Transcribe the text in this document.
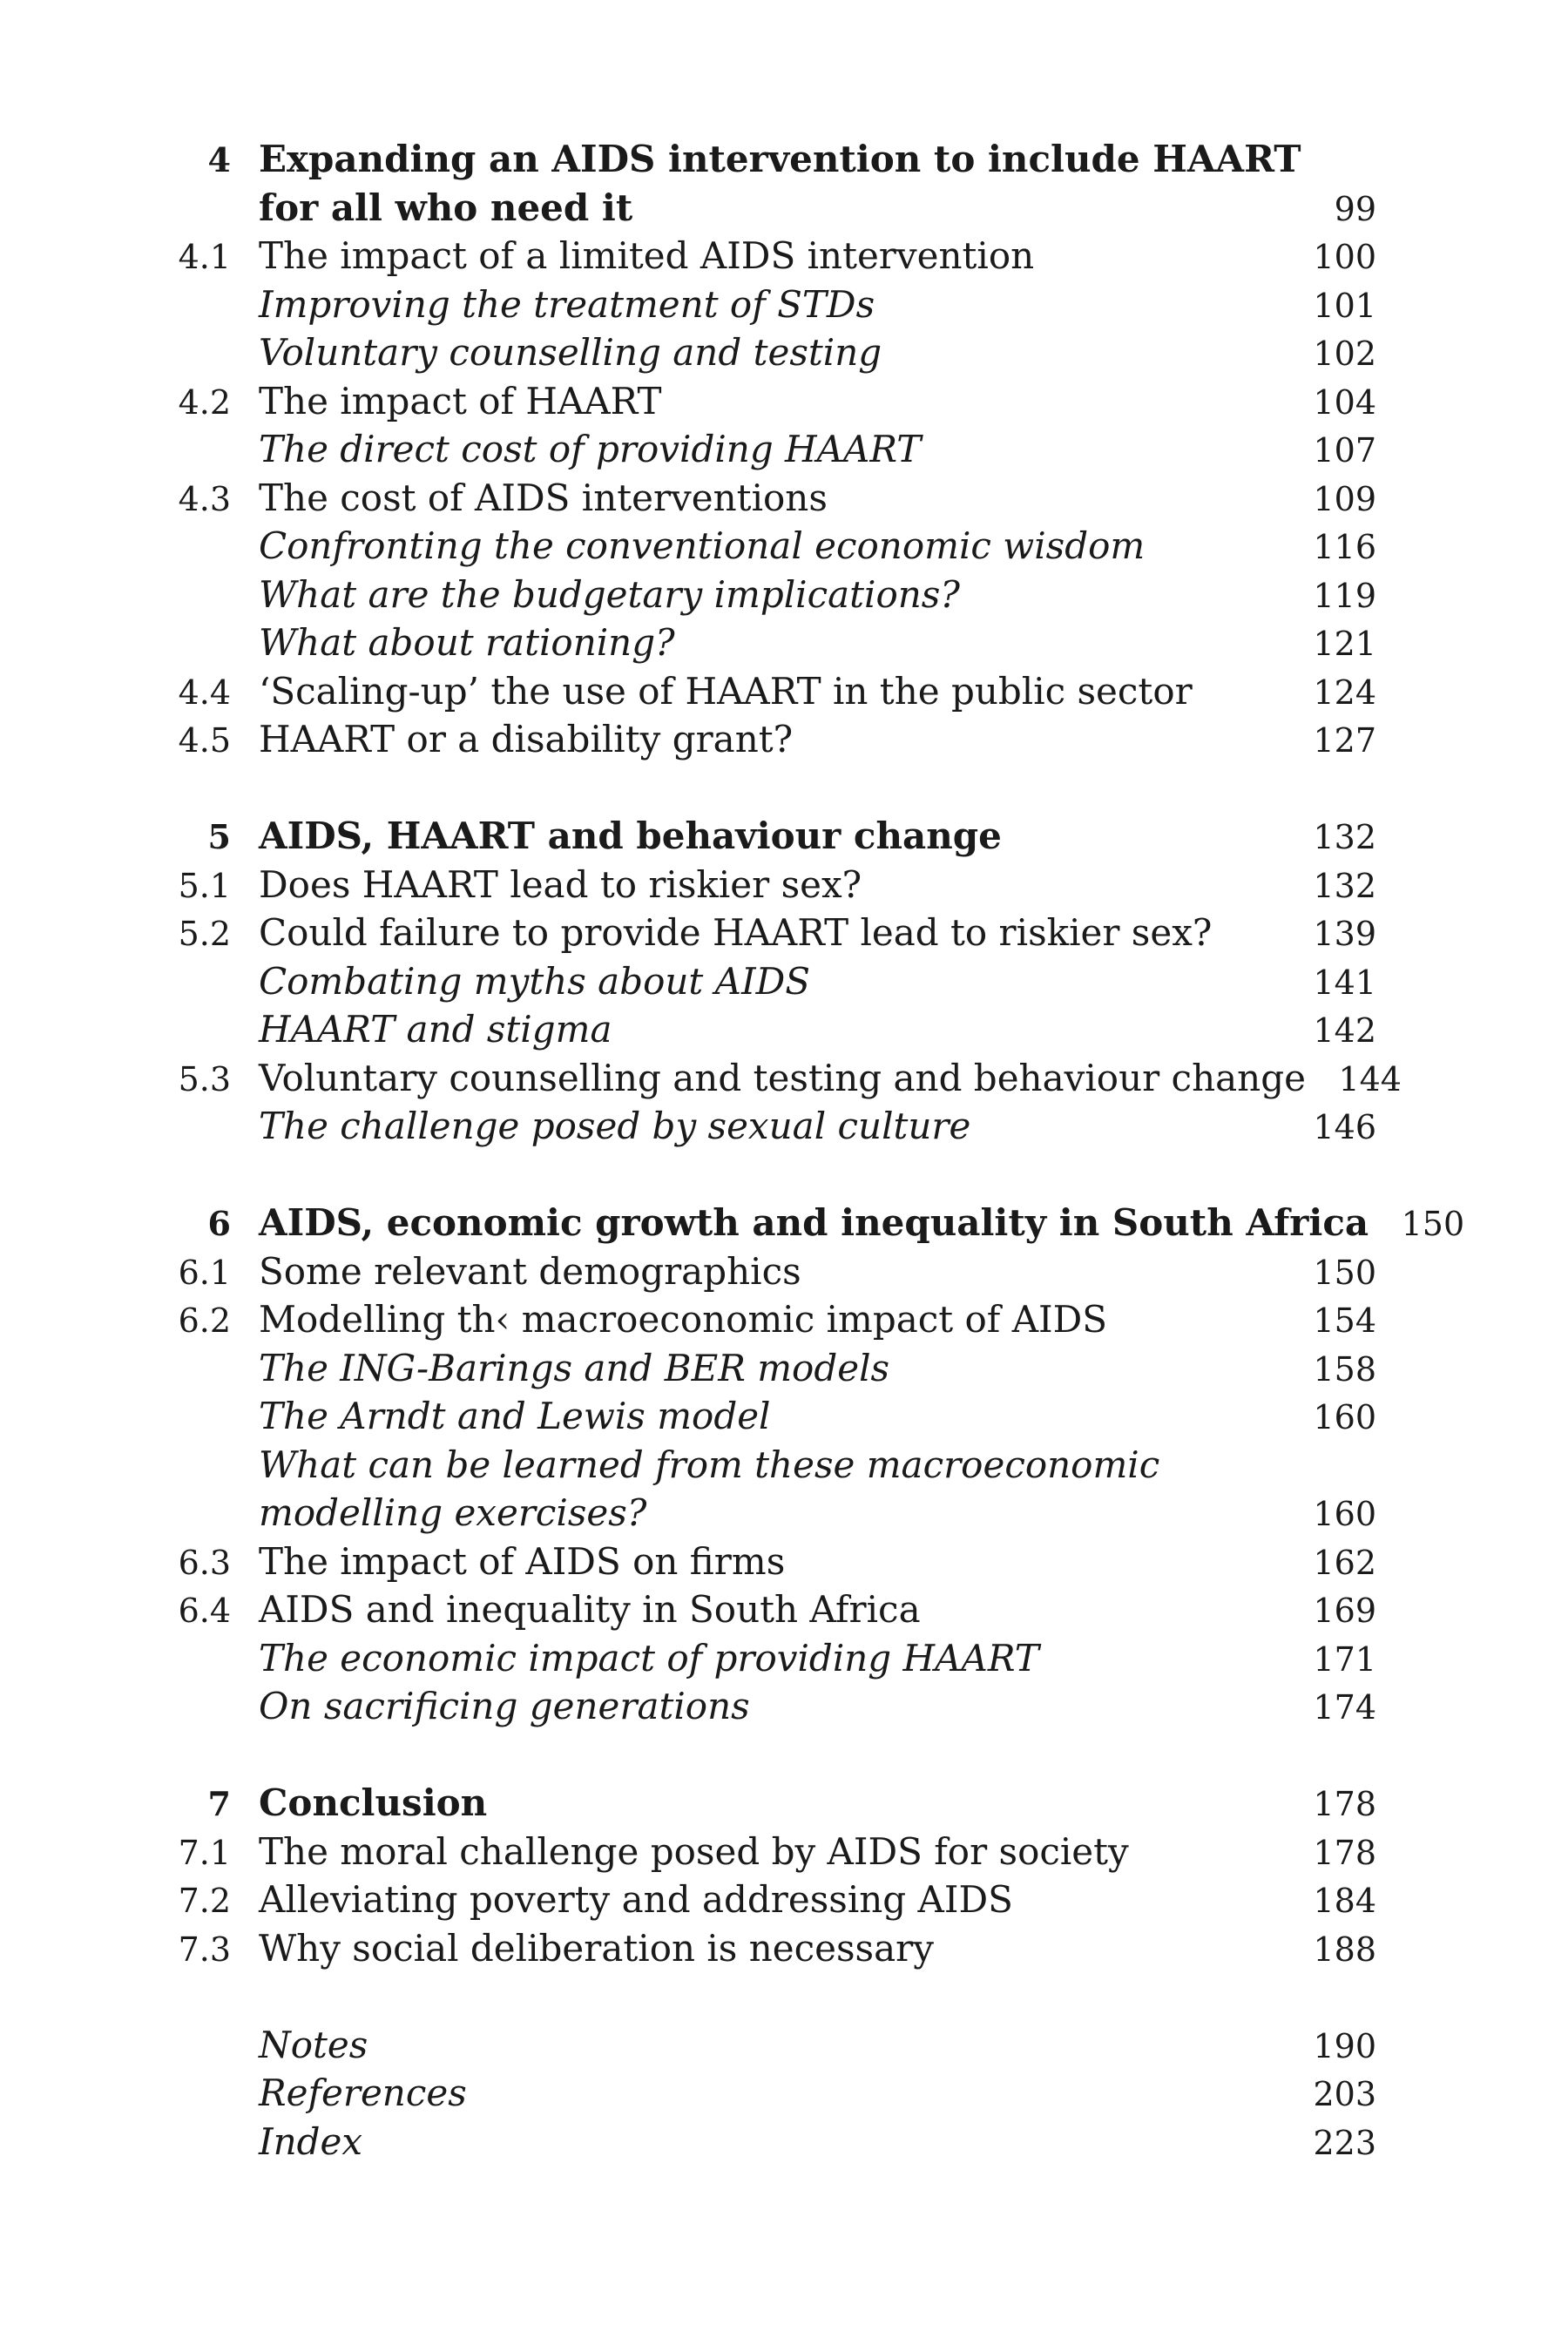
4 Expanding an AIDS intervention to include HAART
for all who need it	99
4.1 The impact of a limited AIDS intervention	100
Improving the treatment of STDs	101
Voluntary counselling and testing	102
4.2 The impact of HAART	104
The direct cost of providing HAART	107
4.3 The cost of AIDS interventions	109
Confronting the conventional economic wisdom	116
What are the budgetary implications?	119
What about rationing?	121
4.4 ‘Scaling-up’ the use of HAART in the public sector	124
4.5 HAART or a disability grant?	127
5 AIDS, HAART and behaviour change	132
5.1 Does HAART lead to riskier sex?	132
5.2 Could failure to provide HAART lead to riskier sex?	139
Combating myths about AIDS	141
HAART and stigma	142
5.3 Voluntary counselling and testing and behaviour change 144
The challenge posed by sexual culture	146
6 AIDS, economic growth and inequality in South Africa 150
6.1 Some relevant demographics	150
6.2 Modelling th‹ macroeconomic impact of AIDS	154
The ING-Barings and BER models	158
The Arndt and Lewis model	160
What can be learned from these macroeconomic
modelling exercises?	160
6.3 The impact of AIDS on firms	162
6.4 AIDS and inequality in South Africa	169
The economic impact of providing HAART	171
On sacrificing generations	174
7 Conclusion	178
7.1 The moral challenge posed by AIDS for society	178
7.2 Alleviating poverty and addressing AIDS	184
7.3 Why social deliberation is necessary	188
Notes	190
References	203
Index	223
